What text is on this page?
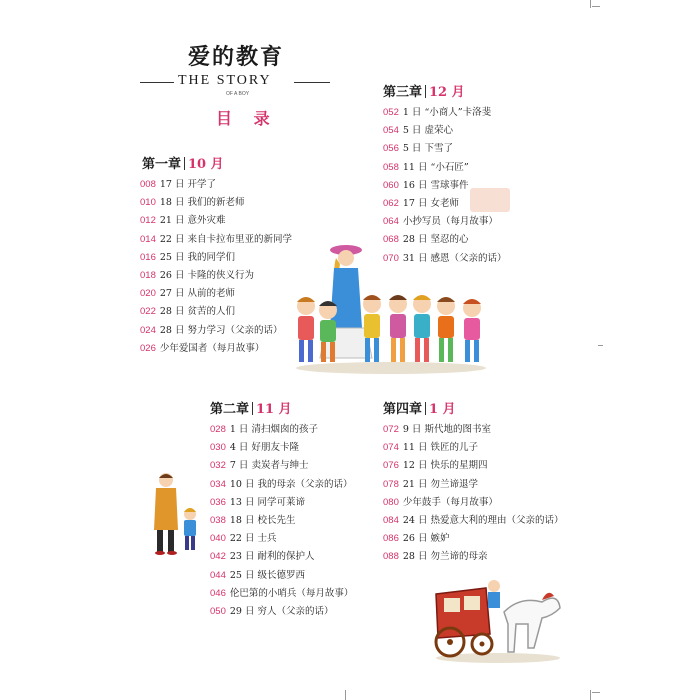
爱的教育
THE STORY
OF A BOY
目 录
第一章 10 月
008 17 日 开学了
010 18 日 我们的新老师
012 21 日 意外灾难
014 22 日 来自卡拉布里亚的新同学
016 25 日 我的同学们
018 26 日 卡隆的侠义行为
020 27 日 从前的老师
022 28 日 贫苦的人们
024 28 日 努力学习（父亲的话）
026 少年爱国者（每月故事）
第三章 12 月
052 1 日 “小商人”卡洛斐
054 5 日 虚荣心
056 5 日 下雪了
058 11 日 “小石匠”
060 16 日 雪球事件
062 17 日 女老师
064 小抄写员（每月故事）
068 28 日 坚忍的心
070 31 日 感恩（父亲的话）
第二章 11 月
028 1 日 清扫烟囱的孩子
030 4 日 好朋友卡隆
032 7 日 卖炭者与绅士
034 10 日 我的母亲（父亲的话）
036 13 日 同学可莱谛
038 18 日 校长先生
040 22 日 士兵
042 23 日 耐利的保护人
044 25 日 级长德罗西
046 伦巴第的小哨兵（每月故事）
050 29 日 穷人（父亲的话）
第四章 1 月
072 9 日 斯代地的图书室
074 11 日 铁匠的儿子
076 12 日 快乐的星期四
078 21 日 勿兰谛退学
080 少年鼓手（每月故事）
084 24 日 热爱意大利的理由（父亲的话）
086 26 日 嫉妒
088 28 日 勿兰谛的母亲
